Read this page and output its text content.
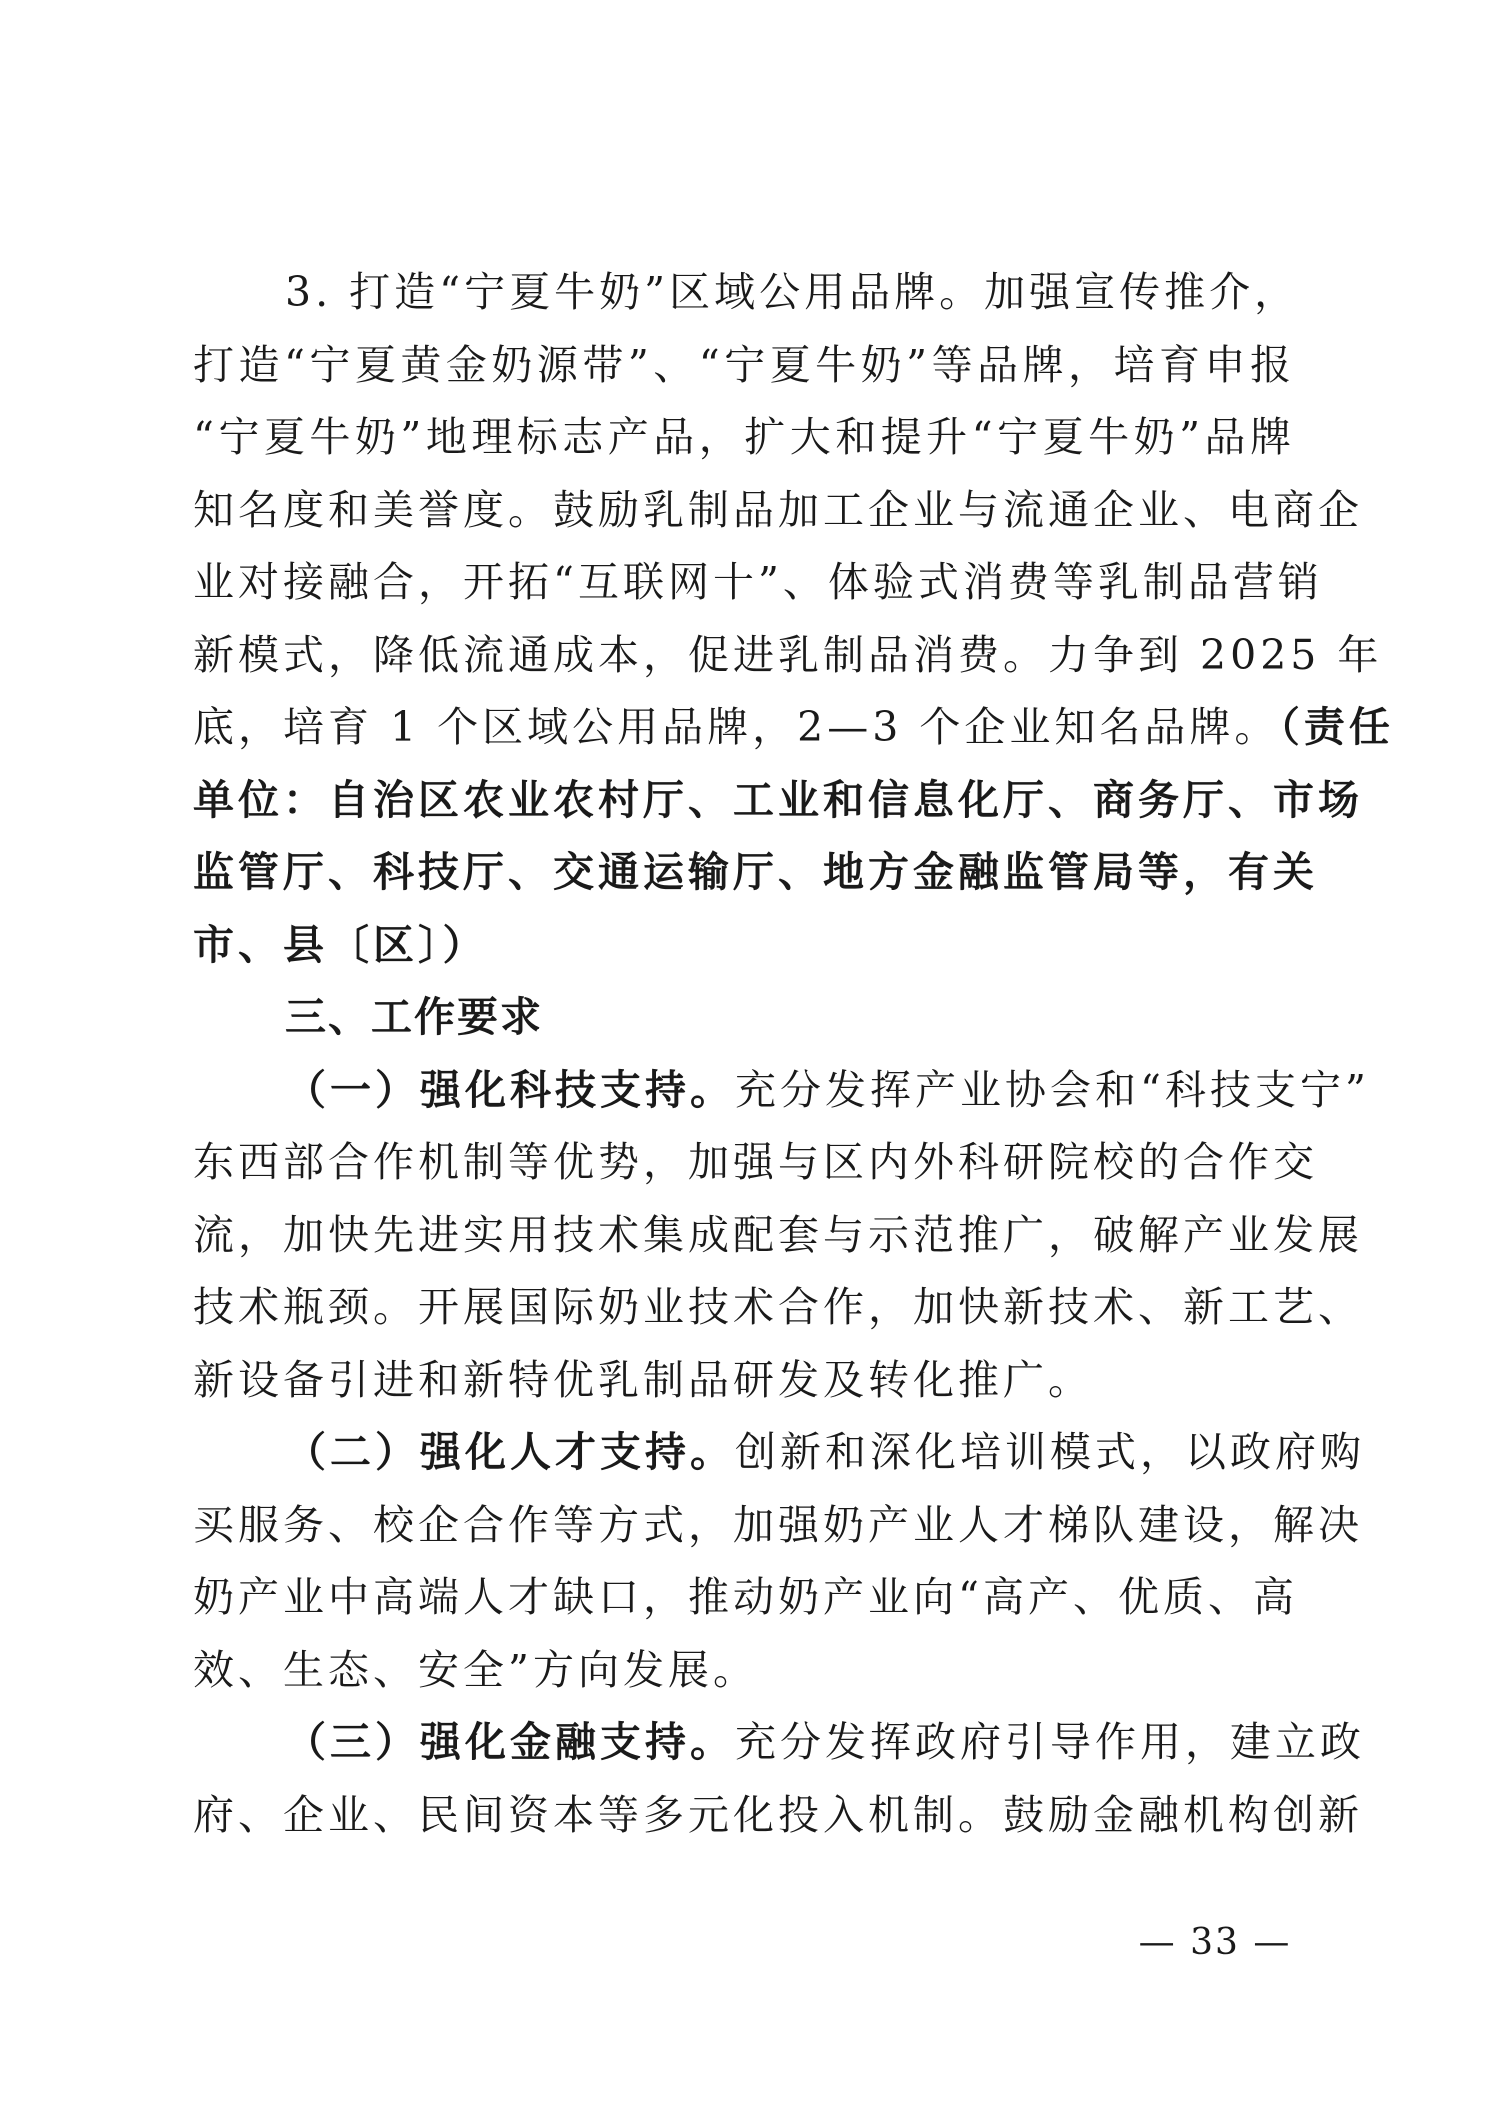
3. 打造“宁夏牛奶”区域公用品牌。加强宣传推介，
打造“宁夏黄金奶源带”、“宁夏牛奶”等品牌，培育申报
“宁夏牛奶”地理标志产品，扩大和提升“宁夏牛奶”品牌
知名度和美誉度。鼓励乳制品加工企业与流通企业、电商企
业对接融合，开拓“互联网十”、体验式消费等乳制品营销
新模式，降低流通成本，促进乳制品消费。力争到 2025 年
底，培育 1 个区域公用品牌，2—3 个企业知名品牌。（责任
单位：自治区农业农村厅、工业和信息化厅、商务厅、市场
监管厅、科技厅、交通运输厅、地方金融监管局等，有关
市、县〔区〕）
三、工作要求
（一）强化科技支持。充分发挥产业协会和“科技支宁”
东西部合作机制等优势，加强与区内外科研院校的合作交
流，加快先进实用技术集成配套与示范推广，破解产业发展
技术瓶颈。开展国际奶业技术合作，加快新技术、新工艺、
新设备引进和新特优乳制品研发及转化推广。
（二）强化人才支持。创新和深化培训模式，以政府购
买服务、校企合作等方式，加强奶产业人才梯队建设，解决
奶产业中高端人才缺口，推动奶产业向“高产、优质、高
效、生态、安全”方向发展。
（三）强化金融支持。充分发挥政府引导作用，建立政
府、企业、民间资本等多元化投入机制。鼓励金融机构创新
— 33 —
